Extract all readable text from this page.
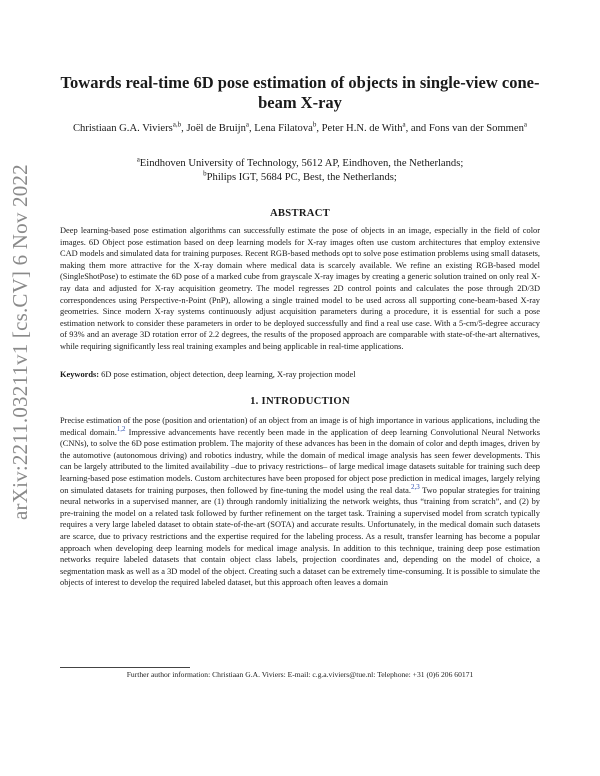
arXiv:2211.03211v1 [cs.CV] 6 Nov 2022
Towards real-time 6D pose estimation of objects in single-view cone-beam X-ray
Christiaan G.A. Viviers$^{a,b}$, Joël de Bruijn$^a$, Lena Filatova$^b$, Peter H.N. de With$^a$, and Fons van der Sommen$^a$
$^a$Eindhoven University of Technology, 5612 AP, Eindhoven, the Netherlands;
$^b$Philips IGT, 5684 PC, Best, the Netherlands;
ABSTRACT
Deep learning-based pose estimation algorithms can successfully estimate the pose of objects in an image, especially in the field of color images. 6D Object pose estimation based on deep learning models for X-ray images often use custom architectures that employ extensive CAD models and simulated data for training purposes. Recent RGB-based methods opt to solve pose estimation problems using small datasets, making them more attractive for the X-ray domain where medical data is scarcely available. We refine an existing RGB-based model (SingleShotPose) to estimate the 6D pose of a marked cube from grayscale X-ray images by creating a generic solution trained on only real X-ray data and adjusted for X-ray acquisition geometry. The model regresses 2D control points and calculates the pose through 2D/3D correspondences using Perspective-n-Point (PnP), allowing a single trained model to be used across all supporting cone-beam-based X-ray geometries. Since modern X-ray systems continuously adjust acquisition parameters during a procedure, it is essential for such a pose estimation network to consider these parameters in order to be deployed successfully and find a real use case. With a 5-cm/5-degree accuracy of 93% and an average 3D rotation error of 2.2 degrees, the results of the proposed approach are comparable with state-of-the-art alternatives, while requiring significantly less real training examples and being applicable in real-time applications.
Keywords: 6D pose estimation, object detection, deep learning, X-ray projection model
1. INTRODUCTION
Precise estimation of the pose (position and orientation) of an object from an image is of high importance in various applications, including the medical domain.$^{1,2}$ Impressive advancements have recently been made in the application of deep learning Convolutional Neural Networks (CNNs), to solve the 6D pose estimation problem. The majority of these advances has been in the domain of color and depth images, driven by the automotive (autonomous driving) and robotics industry, while the domain of medical image analysis has seen fewer developments. This can be largely attributed to the limited availability –due to privacy restrictions– of large medical image datasets suitable for training such deep learning-based pose estimation models. Custom architectures have been proposed for object pose prediction in medical images, largely relying on simulated datasets for training purposes, then followed by fine-tuning the model using the real data.$^{2,3}$ Two popular strategies for training neural networks in a supervised manner, are (1) through randomly initializing the network weights, thus “training from scratch”, and (2) by pre-training the model on a related task followed by further refinement on the target task. Training a supervised model from scratch typically requires a very large labeled dataset to obtain state-of-the-art (SOTA) and accurate results. Unfortunately, in the medical domain such datasets are scarce, due to privacy restrictions and the expertise required for the labeling process. As a result, transfer learning has become a popular approach when developing deep learning models for medical image analysis. In addition to this technique, training deep pose estimation networks require labeled datasets that contain object class labels, projection coordinates and, depending on the model of choice, a segmentation mask as well as a 3D model of the object. Creating such a dataset can be extremely time-consuming. It is possible to simulate the objects of interest to develop the required labeled dataset, but this approach often leaves a domain
Further author information: Christiaan G.A. Viviers: E-mail: c.g.a.viviers@tue.nl: Telephone: +31 (0)6 206 60171
